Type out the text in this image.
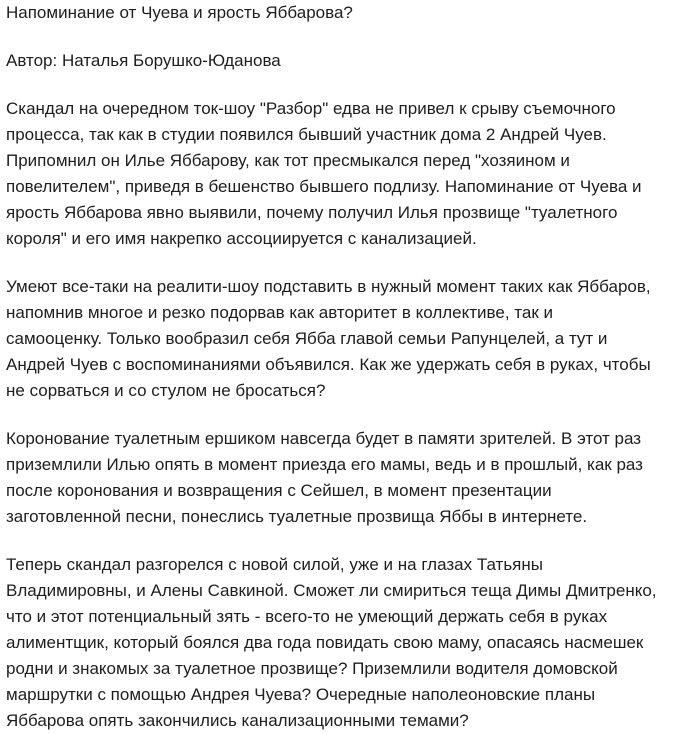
Напоминание от Чуева и ярость Яббарова?

Автор: Наталья Борушко-Юданова

Скандал на очередном ток-шоу "Разбор" едва не привел к срыву съемочного
процесса, так как в студии появился бывший участник дома 2 Андрей Чуев.
Припомнил он Илье Яббарову, как тот пресмыкался перед "хозяином и
повелителем", приведя в бешенство бывшего подлизу. Напоминание от Чуева и
ярость Яббарова явно выявили, почему получил Илья прозвище "туалетного
короля" и его имя накрепко ассоциируется с канализацией.

Умеют все-таки на реалити-шоу подставить в нужный момент таких как Яббаров,
напомнив многое и резко подорвав как авторитет в коллективе, так и
самооценку. Только вообразил себя Ябба главой семьи Рапунцелей, а тут и
Андрей Чуев с воспоминаниями объявился. Как же удержать себя в руках, чтобы
не сорваться и со стулом не бросаться?

Коронование туалетным ершиком навсегда будет в памяти зрителей. В этот раз
приземлили Илью опять в момент приезда его мамы, ведь и в прошлый, как раз
после коронования и возвращения с Сейшел, в момент презентации
заготовленной песни, понеслись туалетные прозвища Яббы в интернете.

Теперь скандал разгорелся с новой силой, уже и на глазах Татьяны
Владимировны, и Алены Савкиной. Сможет ли смириться теща Димы Дмитренко,
что и этот потенциальный зять - всего-то не умеющий держать себя в руках
алиментщик, который боялся два года повидать свою маму, опасаясь насмешек
родни и знакомых за туалетное прозвище? Приземлили водителя домовской
маршрутки с помощью Андрея Чуева? Очередные наполеоновские планы
Яббарова опять закончились канализационными темами?
